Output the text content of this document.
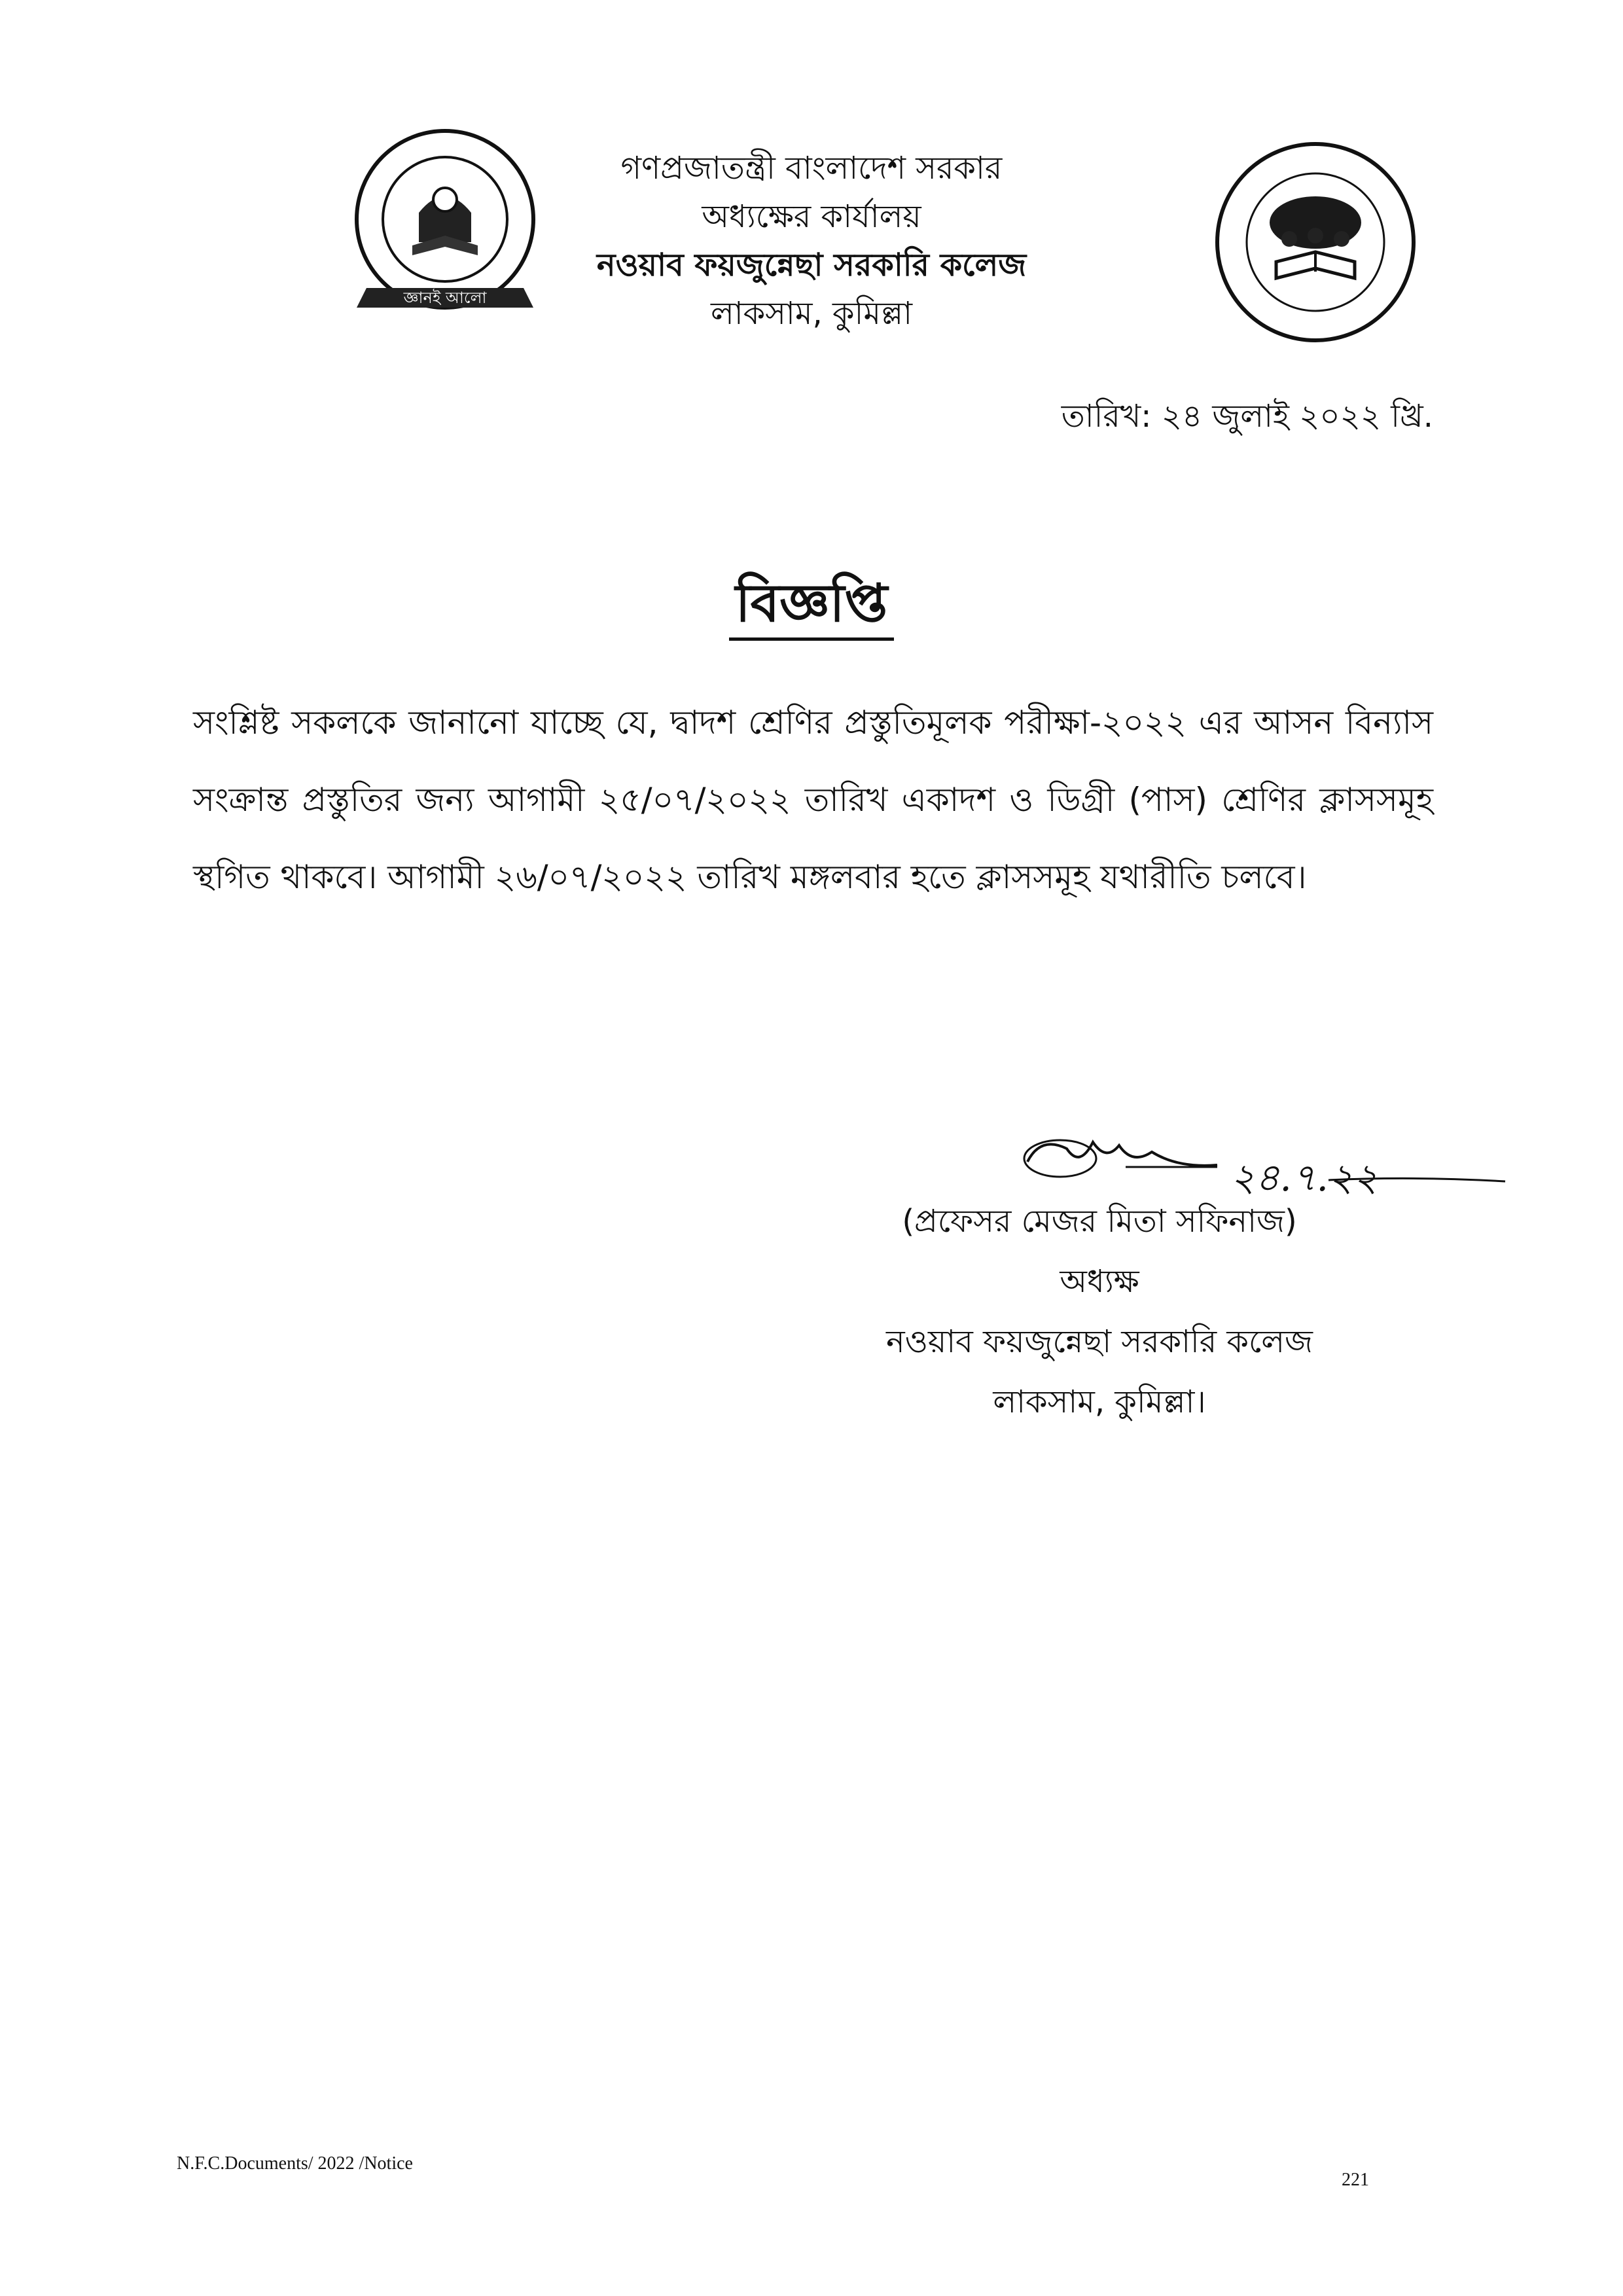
জ্ঞানই আলো
গণপ্রজাতন্ত্রী বাংলাদেশ সরকার
অধ্যক্ষের কার্যালয়
নওয়াব ফয়জুন্নেছা সরকারি কলেজ
লাকসাম, কুমিল্লা
তারিখ: ২৪ জুলাই ২০২২ খ্রি.
বিজ্ঞপ্তি
সংশ্লিষ্ট সকলকে জানানো যাচ্ছে যে, দ্বাদশ শ্রেণির প্রস্তুতিমূলক পরীক্ষা-২০২২ এর আসন বিন্যাস সংক্রান্ত প্রস্তুতির জন্য আগামী ২৫/০৭/২০২২ তারিখ একাদশ ও ডিগ্রী (পাস) শ্রেণির ক্লাসসমূহ স্থগিত থাকবে। আগামী ২৬/০৭/২০২২ তারিখ মঙ্গলবার হতে ক্লাসসমূহ যথারীতি চলবে।
২৪.৭.২২
(প্রফেসর মেজর মিতা সফিনাজ)
অধ্যক্ষ
নওয়াব ফয়জুন্নেছা সরকারি কলেজ
লাকসাম, কুমিল্লা।
N.F.C.Documents/ 2022 /Notice
221
